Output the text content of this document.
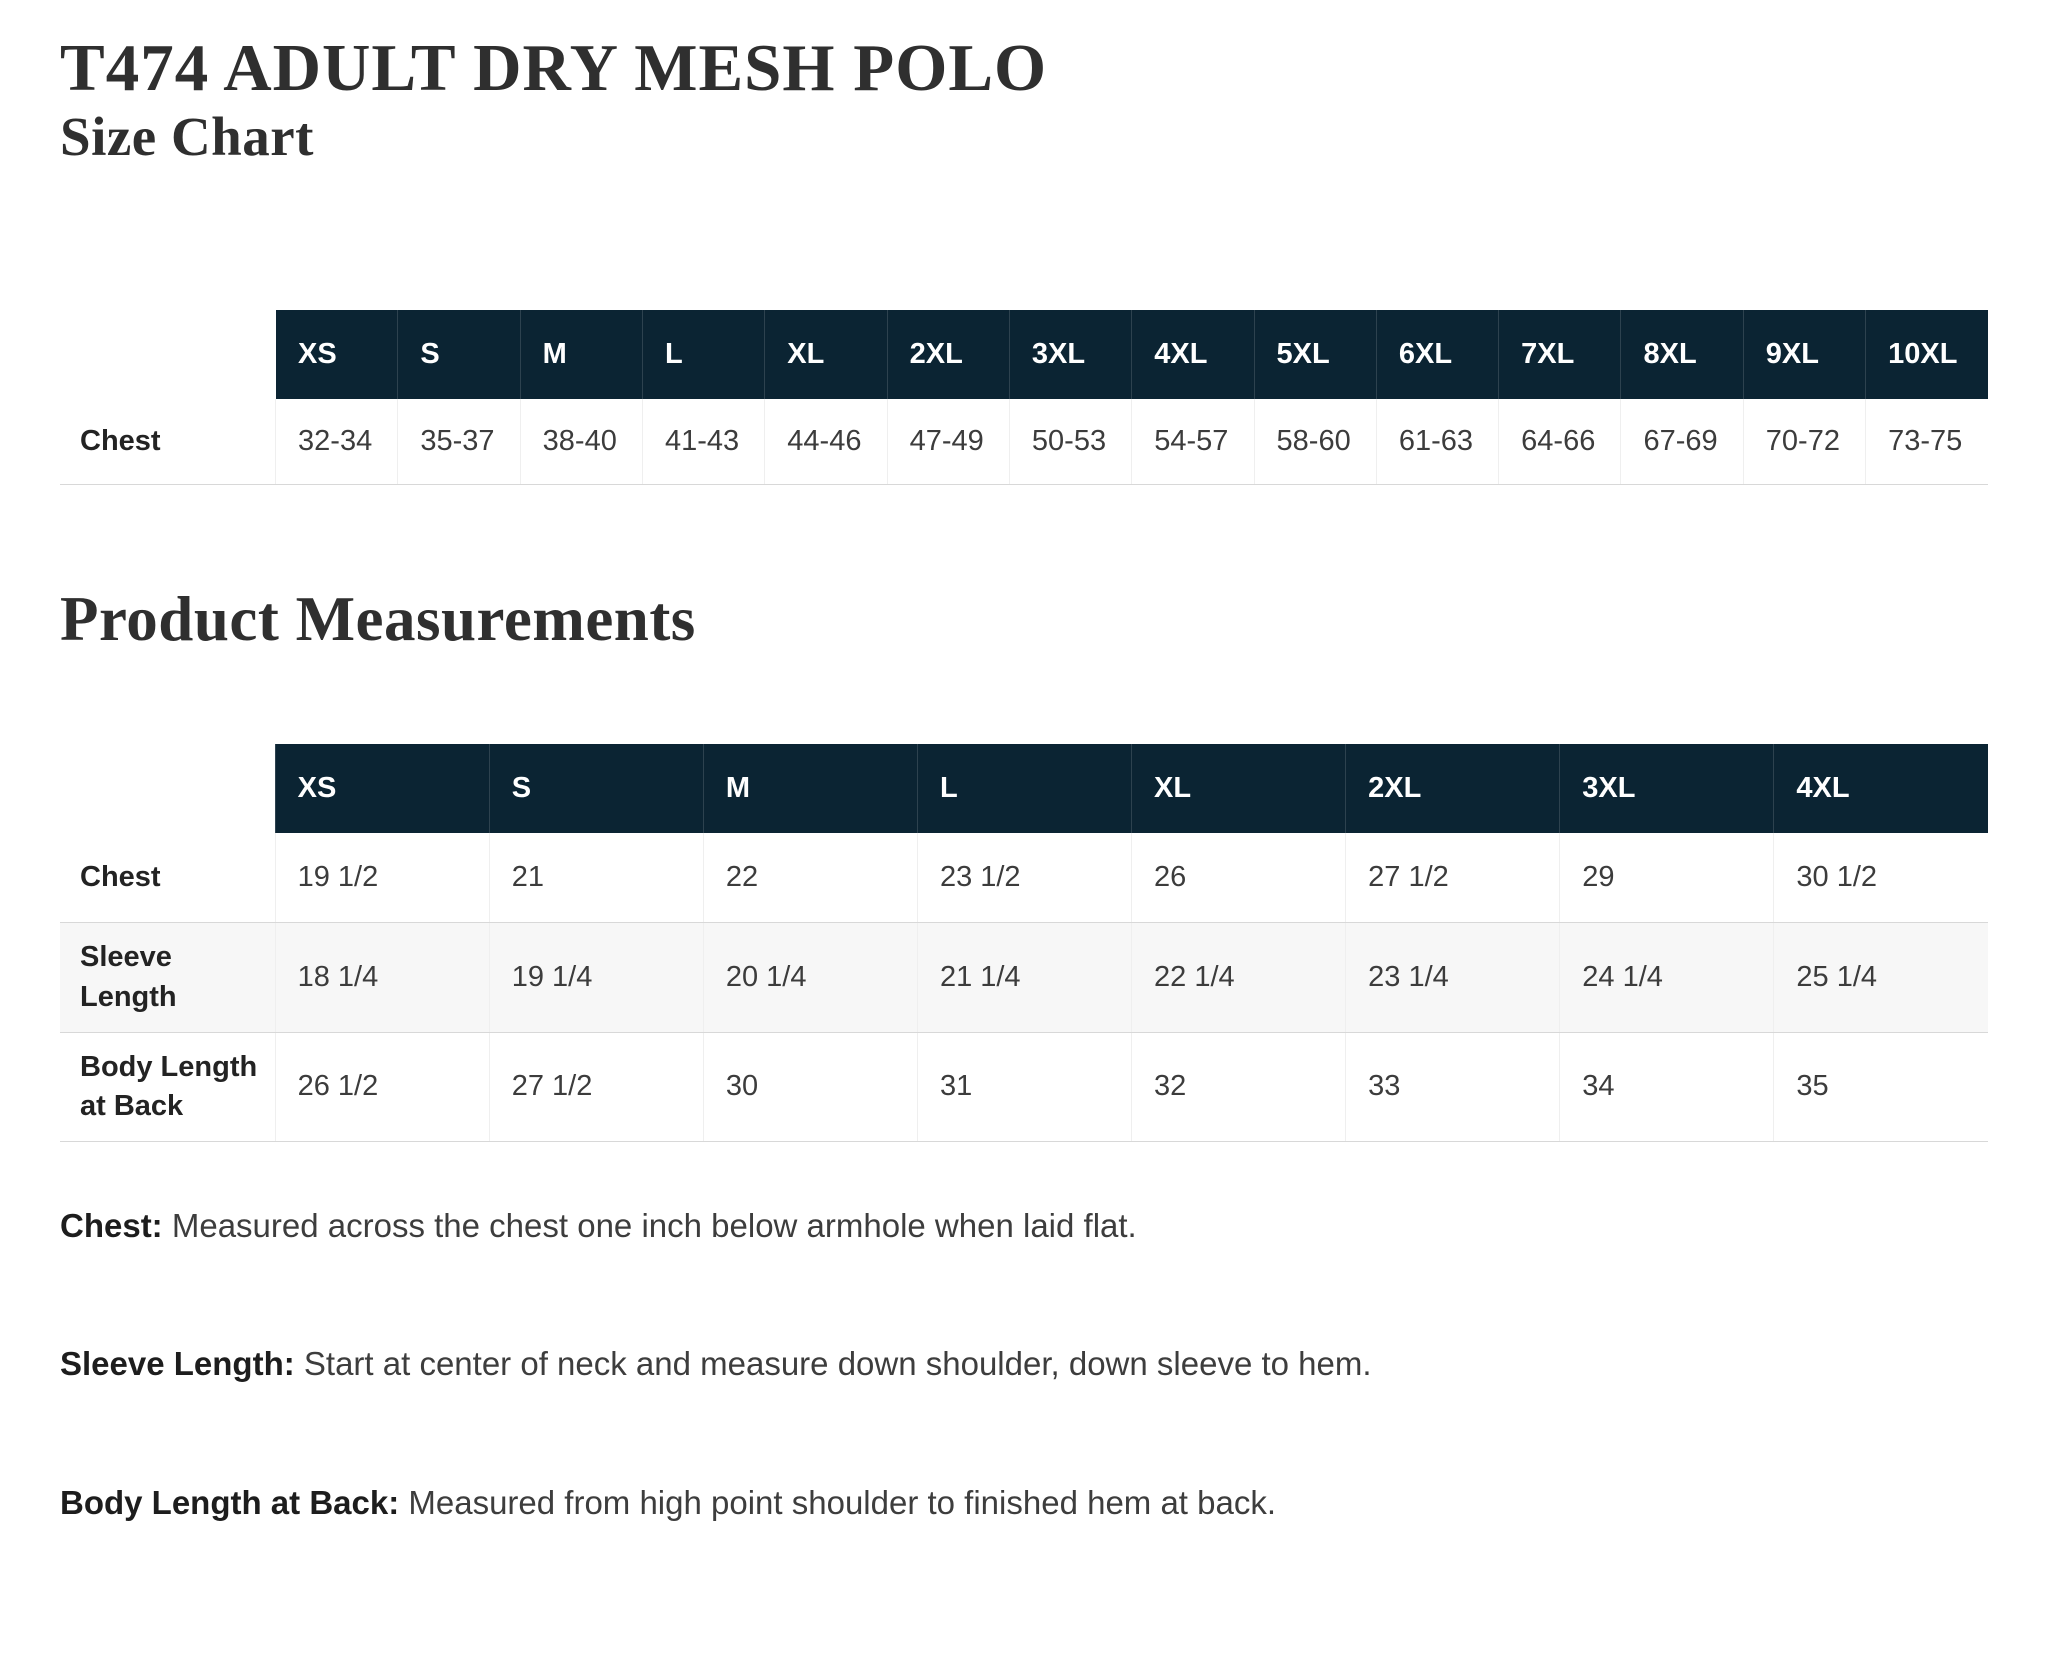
T474 ADULT DRY MESH POLO
Size Chart
	XS	S	M	L	XL	2XL	3XL	4XL	5XL	6XL	7XL	8XL	9XL	10XL
Chest	32-34	35-37	38-40	41-43	44-46	47-49	50-53	54-57	58-60	61-63	64-66	67-69	70-72	73-75
Product Measurements
	XS	S	M	L	XL	2XL	3XL	4XL
Chest	19 1/2	21	22	23 1/2	26	27 1/2	29	30 1/2
Sleeve Length	18 1/4	19 1/4	20 1/4	21 1/4	22 1/4	23 1/4	24 1/4	25 1/4
Body Length at Back	26 1/2	27 1/2	30	31	32	33	34	35

Chest: Measured across the chest one inch below armhole when laid flat.

Sleeve Length: Start at center of neck and measure down shoulder, down sleeve to hem.

Body Length at Back: Measured from high point shoulder to finished hem at back.
